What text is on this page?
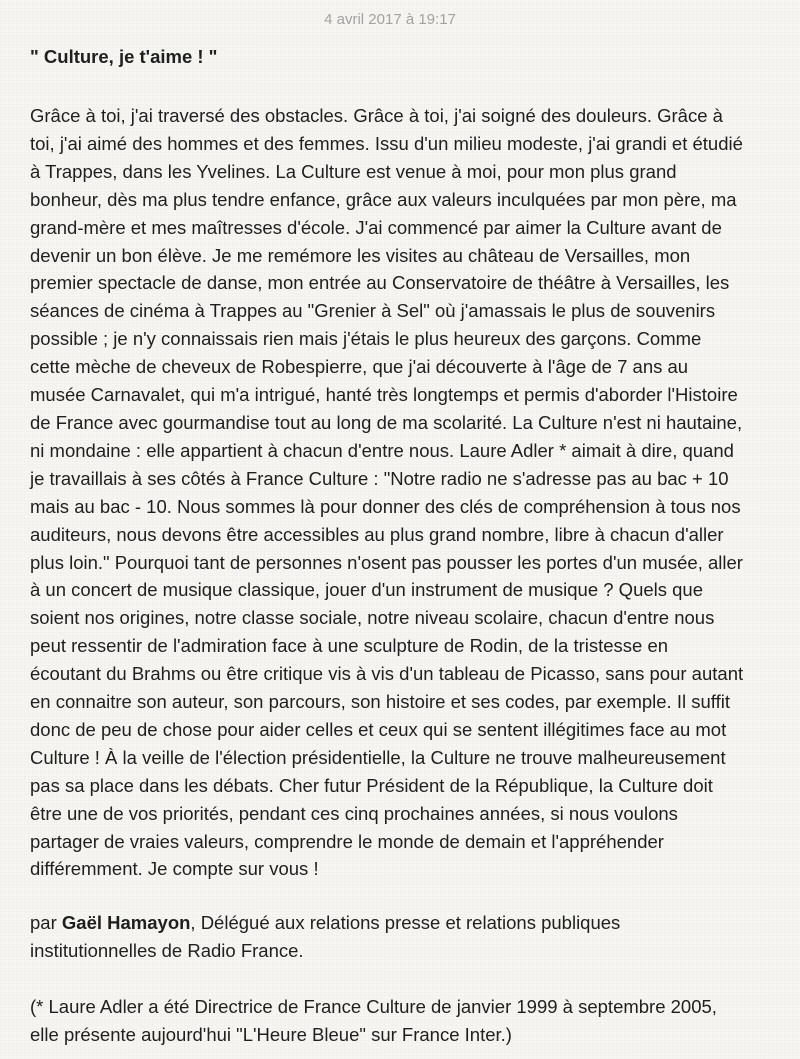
4 avril 2017 à 19:17
" Culture, je t'aime ! "

Grâce à toi, j'ai traversé des obstacles. Grâce à toi, j'ai soigné des douleurs. Grâce à
toi, j'ai aimé des hommes et des femmes. Issu d'un milieu modeste, j'ai grandi et étudié
à Trappes, dans les Yvelines. La Culture est venue à moi, pour mon plus grand
bonheur, dès ma plus tendre enfance, grâce aux valeurs inculquées par mon père, ma
grand-mère et mes maîtresses d'école. J'ai commencé par aimer la Culture avant de
devenir un bon élève. Je me remémore les visites au château de Versailles, mon
premier spectacle de danse, mon entrée au Conservatoire de théâtre à Versailles, les
séances de cinéma à Trappes au "Grenier à Sel" où j'amassais le plus de souvenirs
possible ; je n'y connaissais rien mais j'étais le plus heureux des garçons. Comme
cette mèche de cheveux de Robespierre, que j'ai découverte à l'âge de 7 ans au
musée Carnavalet, qui m'a intrigué, hanté très longtemps et permis d'aborder l'Histoire
de France avec gourmandise tout au long de ma scolarité. La Culture n'est ni hautaine,
ni mondaine : elle appartient à chacun d'entre nous. Laure Adler * aimait à dire, quand
je travaillais à ses côtés à France Culture : "Notre radio ne s'adresse pas au bac + 10
mais au bac - 10. Nous sommes là pour donner des clés de compréhension à tous nos
auditeurs, nous devons être accessibles au plus grand nombre, libre à chacun d'aller
plus loin." Pourquoi tant de personnes n'osent pas pousser les portes d'un musée, aller
à un concert de musique classique, jouer d'un instrument de musique ? Quels que
soient nos origines, notre classe sociale, notre niveau scolaire, chacun d'entre nous
peut ressentir de l'admiration face à une sculpture de Rodin, de la tristesse en
écoutant du Brahms ou être critique vis à vis d'un tableau de Picasso, sans pour autant
en connaitre son auteur, son parcours, son histoire et ses codes, par exemple. Il suffit
donc de peu de chose pour aider celles et ceux qui se sentent illégitimes face au mot
Culture ! À la veille de l'élection présidentielle, la Culture ne trouve malheureusement
pas sa place dans les débats. Cher futur Président de la République, la Culture doit
être une de vos priorités, pendant ces cinq prochaines années, si nous voulons
partager de vraies valeurs, comprendre le monde de demain et l'appréhender
différemment. Je compte sur vous !

par Gaël Hamayon, Délégué aux relations presse et relations publiques
institutionnelles de Radio France.

(* Laure Adler a été Directrice de France Culture de janvier 1999 à septembre 2005,
elle présente aujourd'hui "L'Heure Bleue" sur France Inter.)
